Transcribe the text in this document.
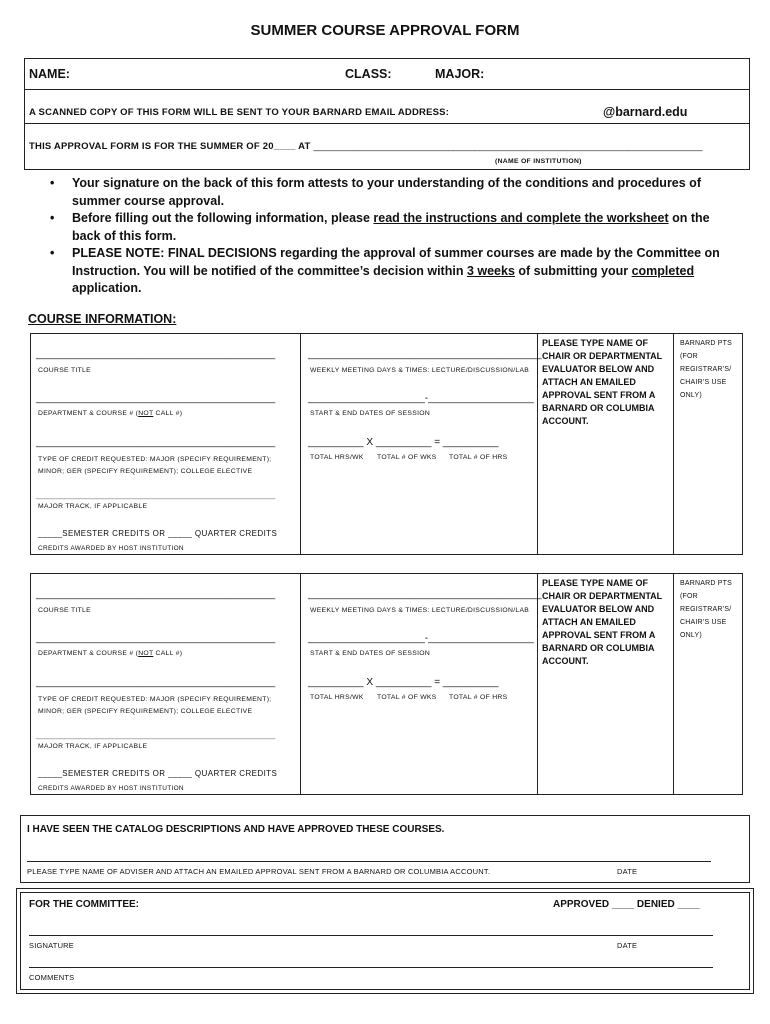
SUMMER COURSE APPROVAL FORM
NAME:	CLASS:	MAJOR:
A SCANNED COPY OF THIS FORM WILL BE SENT TO YOUR BARNARD EMAIL ADDRESS:	@barnard.edu
THIS APPROVAL FORM IS FOR THE SUMMER OF 20____ AT _______________________________________________________________________
(NAME OF INSTITUTION)
• Your signature on the back of this form attests to your understanding of the conditions and procedures of summer course approval.
• Before filling out the following information, please read the instructions and complete the worksheet on the back of this form.
• PLEASE NOTE: FINAL DECISIONS regarding the approval of summer courses are made by the Committee on Instruction. You will be notified of the committee’s decision within 3 weeks of submitting your completed application.
COURSE INFORMATION:
___________________________________________
COURSE TITLE
___________________________________________
DEPARTMENT & COURSE # (NOT CALL #)
___________________________________________
TYPE OF CREDIT REQUESTED: MAJOR (SPECIFY REQUIREMENT);
MINOR; GER (SPECIFY REQUIREMENT); COLLEGE ELECTIVE
___________________________________________
MAJOR TRACK, IF APPLICABLE
_____SEMESTER CREDITS OR _____ QUARTER CREDITS
CREDITS AWARDED BY HOST INSTITUTION
__________________________________________
WEEKLY MEETING DAYS & TIMES: LECTURE/DISCUSSION/LAB
_____________________-___________________
START & END DATES OF SESSION
__________ X __________ = __________
TOTAL HRS/WK TOTAL # OF WKS TOTAL # OF HRS
PLEASE TYPE NAME OF CHAIR OR DEPARTMENTAL EVALUATOR BELOW AND ATTACH AN EMAILED APPROVAL SENT FROM A BARNARD OR COLUMBIA ACCOUNT.
BARNARD PTS (FOR REGISTRAR’S/ CHAIR’S USE ONLY)
___________________________________________
COURSE TITLE
___________________________________________
DEPARTMENT & COURSE # (NOT CALL #)
___________________________________________
TYPE OF CREDIT REQUESTED: MAJOR (SPECIFY REQUIREMENT);
MINOR; GER (SPECIFY REQUIREMENT); COLLEGE ELECTIVE
___________________________________________
MAJOR TRACK, IF APPLICABLE
_____SEMESTER CREDITS OR _____ QUARTER CREDITS
CREDITS AWARDED BY HOST INSTITUTION
__________________________________________
WEEKLY MEETING DAYS & TIMES: LECTURE/DISCUSSION/LAB
_____________________-___________________
START & END DATES OF SESSION
__________ X __________ = __________
TOTAL HRS/WK TOTAL # OF WKS TOTAL # OF HRS
PLEASE TYPE NAME OF CHAIR OR DEPARTMENTAL EVALUATOR BELOW AND ATTACH AN EMAILED APPROVAL SENT FROM A BARNARD OR COLUMBIA ACCOUNT.
BARNARD PTS (FOR REGISTRAR’S/ CHAIR’S USE ONLY)
I HAVE SEEN THE CATALOG DESCRIPTIONS AND HAVE APPROVED THESE COURSES.
PLEASE TYPE NAME OF ADVISER AND ATTACH AN EMAILED APPROVAL SENT FROM A BARNARD OR COLUMBIA ACCOUNT.	DATE
FOR THE COMMITTEE:	APPROVED ____ DENIED ____
SIGNATURE	DATE
COMMENTS
